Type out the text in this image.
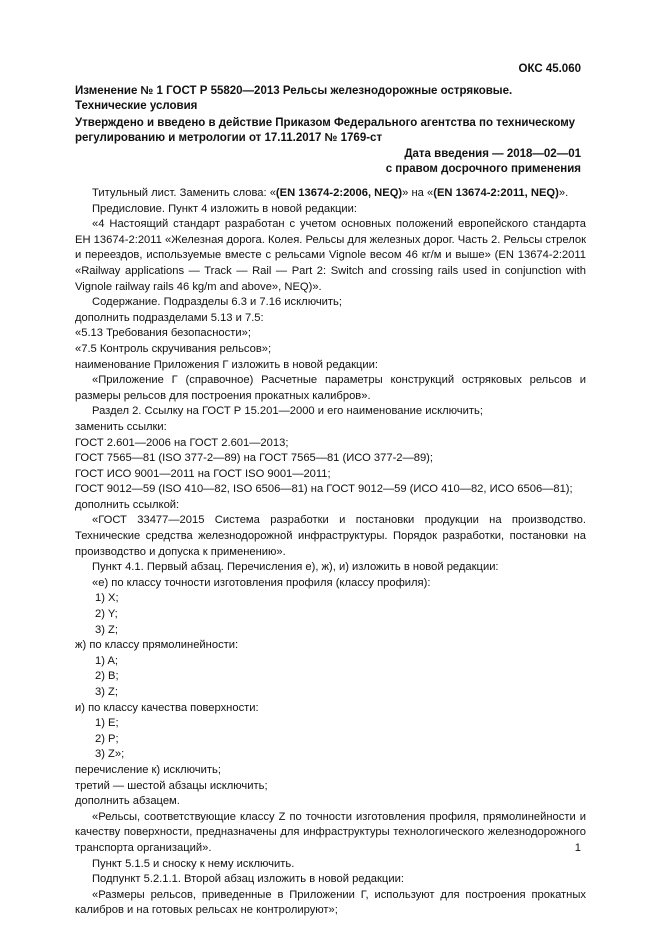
ОКС 45.060
Изменение № 1 ГОСТ Р 55820—2013 Рельсы железнодорожные остряковые. Технические условия
Утверждено и введено в действие Приказом Федерального агентства по техническому регулированию и метрологии от 17.11.2017 № 1769-ст
Дата введения — 2018—02—01
с правом досрочного применения

Титульный лист. Заменить слова: «(EN 13674-2:2006, NEQ)» на «(EN 13674-2:2011, NEQ)».

Предисловие. Пункт 4 изложить в новой редакции:

«4 Настоящий стандарт разработан с учетом основных положений европейского стандарта ЕН 13674-2:2011 «Железная дорога. Колея. Рельсы для железных дорог. Часть 2. Рельсы стрелок и переездов, используемые вместе с рельсами Vignole весом 46 кг/м и выше» (EN 13674-2:2011 «Railway applications — Track — Rail — Part 2: Switch and crossing rails used in conjunction with Vignole railway rails 46 kg/m and above», NEQ)».

Содержание. Подразделы 6.3 и 7.16 исключить;

дополнить подразделами 5.13 и 7.5:

«5.13 Требования безопасности»;

«7.5 Контроль скручивания рельсов»;

наименование Приложения Г изложить в новой редакции:

«Приложение Г (справочное) Расчетные параметры конструкций остряковых рельсов и размеры рельсов для построения прокатных калибров».

Раздел 2. Ссылку на ГОСТ Р 15.201—2000 и его наименование исключить;

заменить ссылки:

ГОСТ 2.601—2006 на ГОСТ 2.601—2013;

ГОСТ 7565—81 (ISO 377-2—89) на ГОСТ 7565—81 (ИСО 377-2—89);

ГОСТ ИСО 9001—2011 на ГОСТ ISO 9001—2011;

ГОСТ 9012—59 (ISO 410—82, ISO 6506—81) на ГОСТ 9012—59 (ИСО 410—82, ИСО 6506—81);

дополнить ссылкой:

«ГОСТ 33477—2015 Система разработки и постановки продукции на производство. Технические средства железнодорожной инфраструктуры. Порядок разработки, постановки на производство и допуска к применению».

Пункт 4.1. Первый абзац. Перечисления е), ж), и) изложить в новой редакции:

«е) по классу точности изготовления профиля (классу профиля):

1) X;

2) Y;

3) Z;

ж) по классу прямолинейности:

1) A;

2) B;

3) Z;

и) по классу качества поверхности:

1) E;

2) P;

3) Z»;

перечисление к) исключить;

третий — шестой абзацы исключить;

дополнить абзацем.

«Рельсы, соответствующие классу Z по точности изготовления профиля, прямолинейности и качеству поверхности, предназначены для инфраструктуры технологического железнодорожного транспорта организаций».

Пункт 5.1.5 и сноску к нему исключить.

Подпункт 5.2.1.1. Второй абзац изложить в новой редакции:

«Размеры рельсов, приведенные в Приложении Г, используют для построения прокатных калибров и на готовых рельсах не контролируют»;

1
